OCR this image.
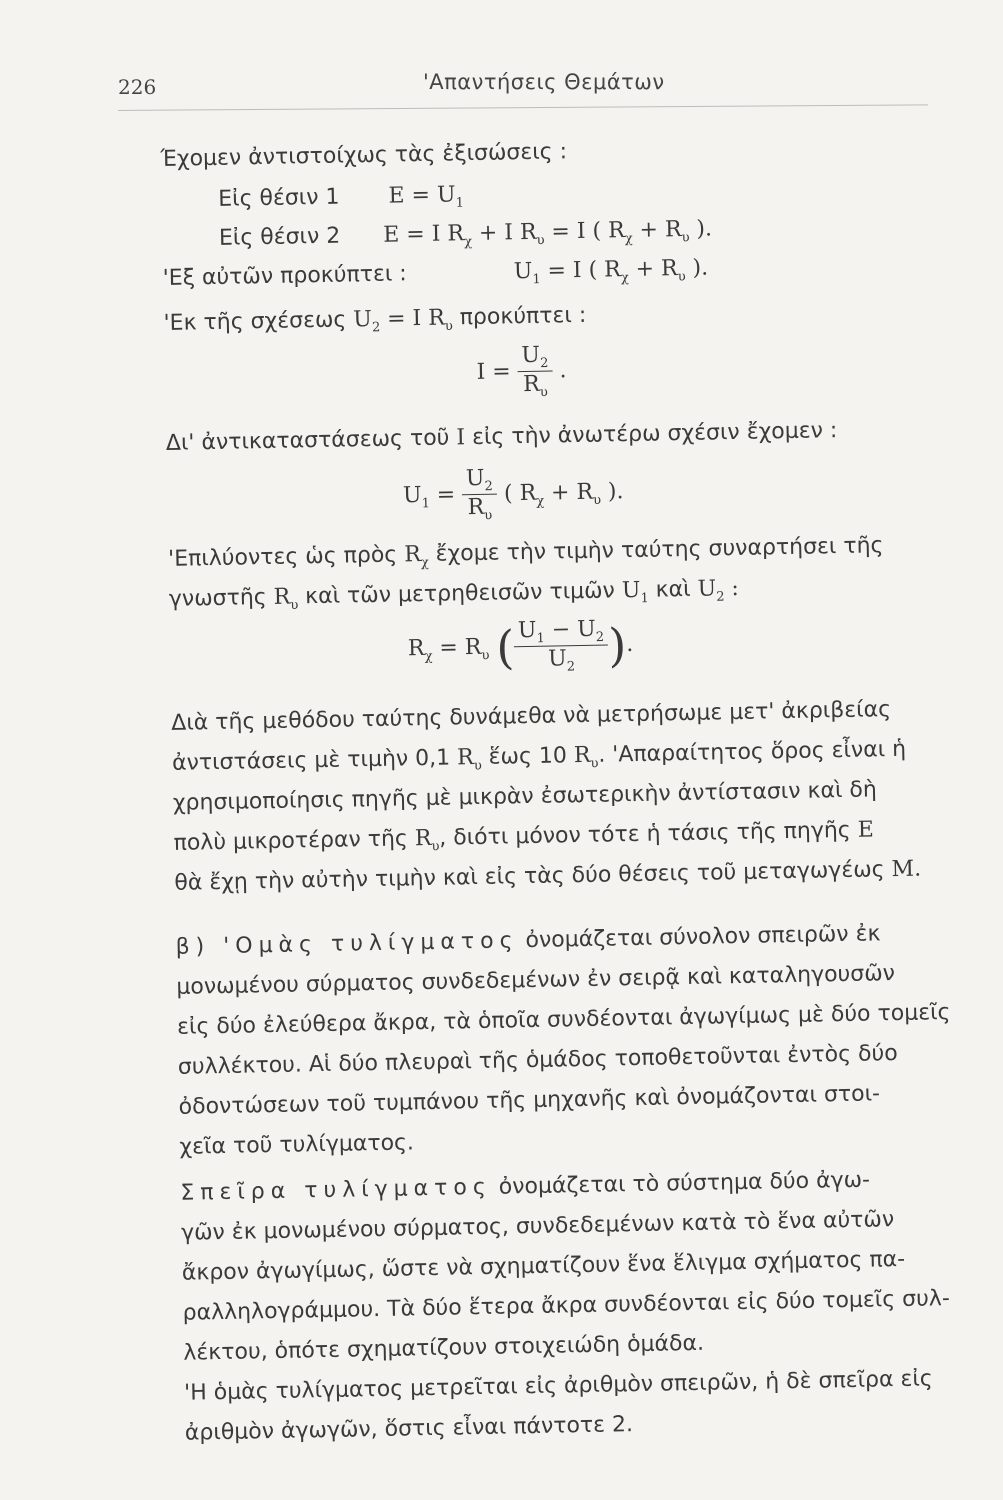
226	'Απαντήσεις Θεμάτων
Έχομεν ἀντιστοίχως τὰς ἐξισώσεις :
Εἰς θέσιν 1 $E = U_1$
Εἰς θέσιν 2 E = I $R_\chi + I$ $R_\upsilon = I$ ( $R_\chi + R_\upsilon$ ).
'Εξ αὐτῶν προκύπτει :	$U_1 = I$ ( $R_\chi + R_\upsilon$ ).
'Εκ τῆς σχέσεως $U_2 = I$ $R_\upsilon$ προκύπτει :
$I = \frac{U_2}{R_\upsilon}$ .
Δι' ἀντικαταστάσεως τοῦ I εἰς τὴν ἀνωτέρω σχέσιν ἔχομεν :
$U_1 = \frac{U_2}{R_\upsilon}$ ( $R_\chi + R_\upsilon$ ).
'Επιλύοντες ὡς πρὸς $R_\chi$ ἔχομε τὴν τιμὴν ταύτης συναρτήσει τῆς
γνωστῆς $R_\upsilon$ καὶ τῶν μετρηθεισῶν τιμῶν $U_1$ καὶ $U_2$ :
$R_\chi = R_\upsilon$ (
$\frac{U_1 - U_2}{U_2}$
).
Διὰ τῆς μεθόδου ταύτης δυνάμεθα νὰ μετρήσωμε μετ' ἀκριβείας
ἀντιστάσεις μὲ τιμὴν 0,1 $R_\upsilon$ ἕως 10 $R_\upsilon$. 'Απαραίτητος ὅρος εἶναι ἡ
χρησιμοποίησις πηγῆς μὲ μικρὰν ἐσωτερικὴν ἀντίστασιν καὶ δὴ
πολὺ μικροτέραν τῆς $R_\upsilon$, διότι μόνον τότε ἡ τάσις τῆς πηγῆς E
θὰ ἔχῃ τὴν αὐτὴν τιμὴν καὶ εἰς τὰς δύο θέσεις τοῦ μεταγωγέως M.
β) 'Ομὰς τυλίγματος ὀνομάζεται σύνολον σπειρῶν ἐκ
μονωμένου σύρματος συνδεδεμένων ἐν σειρᾷ καὶ καταληγουσῶν
εἰς δύο ἐλεύθερα ἄκρα, τὰ ὁποῖα συνδέονται ἀγωγίμως μὲ δύο τομεῖς
συλλέκτου. Αἱ δύο πλευραὶ τῆς ὁμάδος τοποθετοῦνται ἐντὸς δύο
ὀδοντώσεων τοῦ τυμπάνου τῆς μηχανῆς καὶ ὀνομάζονται στοι-
χεῖα τοῦ τυλίγματος.
Σπεῖρα τυλίγματος ὀνομάζεται τὸ σύστημα δύο ἀγω-
γῶν ἐκ μονωμένου σύρματος, συνδεδεμένων κατὰ τὸ ἕνα αὐτῶν
ἄκρον ἀγωγίμως, ὥστε νὰ σχηματίζουν ἕνα ἕλιγμα σχήματος πα-
ραλληλογράμμου. Τὰ δύο ἕτερα ἄκρα συνδέονται εἰς δύο τομεῖς συλ-
λέκτου, ὁπότε σχηματίζουν στοιχειώδη ὁμάδα.
'Η ὁμὰς τυλίγματος μετρεῖται εἰς ἀριθμὸν σπειρῶν, ἡ δὲ σπεῖρα εἰς
ἀριθμὸν ἀγωγῶν, ὅστις εἶναι πάντοτε 2.
